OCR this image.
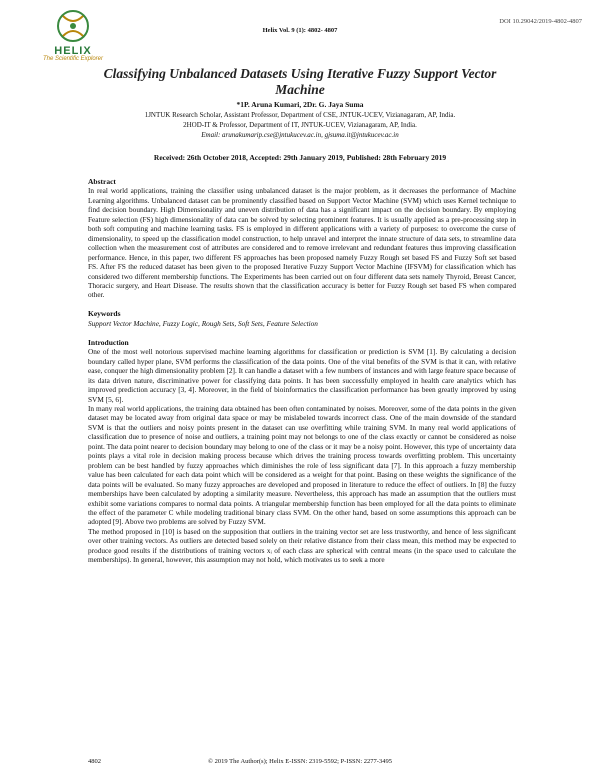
HELIX
The Scientific Explorer
DOI 10.29042/2019-4802-4807
Helix Vol. 9 (1): 4802- 4807
Classifying Unbalanced Datasets Using Iterative Fuzzy Support Vector Machine
*1P. Aruna Kumari, 2Dr. G. Jaya Suma
1JNTUK Research Scholar, Assistant Professor, Department of CSE, JNTUK-UCEV, Vizianagaram, AP, India.
2HOD-IT & Professor, Department of IT, JNTUK-UCEV, Vizianagaram, AP, India.
Email: arunakumarip.cse@jntukucev.ac.in, gjsuma.it@jntukucev.ac.in
Received: 26th October 2018, Accepted: 29th January 2019, Published: 28th February 2019
Abstract

In real world applications, training the classifier using unbalanced dataset is the major problem, as it decreases the performance of Machine Learning algorithms. Unbalanced dataset can be prominently classified based on Support Vector Machine (SVM) which uses Kernel technique to find decision boundary. High Dimensionality and uneven distribution of data has a significant impact on the decision boundary. By employing Feature selection (FS) high dimensionality of data can be solved by selecting prominent features. It is usually applied as a pre-processing step in both soft computing and machine learning tasks. FS is employed in different applications with a variety of purposes: to overcome the curse of dimensionality, to speed up the classification model construction, to help unravel and interpret the innate structure of data sets, to streamline data collection when the measurement cost of attributes are considered and to remove irrelevant and redundant features thus improving classification performance. Hence, in this paper, two different FS approaches has been proposed namely Fuzzy Rough set based FS and Fuzzy Soft set based FS. After FS the reduced dataset has been given to the proposed Iterative Fuzzy Support Vector Machine (IFSVM) for classification which has considered two different membership functions. The Experiments has been carried out on four different data sets namely Thyroid, Breast Cancer, Thoracic surgery, and Heart Disease. The results shown that the classification accuracy is better for Fuzzy Rough set based FS when compared other.

Keywords

Support Vector Machine, Fuzzy Logic, Rough Sets, Soft Sets, Feature Selection

Introduction

One of the most well notorious supervised machine learning algorithms for classification or prediction is SVM [1]. By calculating a decision boundary called hyper plane, SVM performs the classification of the data points. One of the vital benefits of the SVM is that it can, with relative ease, conquer the high dimensionality problem [2]. It can handle a dataset with a few numbers of instances and with large feature space because of its data driven nature, discriminative power for classifying data points. It has been successfully employed in health care analytics which has improved prediction accuracy [3, 4]. Moreover, in the field of bioinformatics the classification performance has been greatly improved by using SVM [5, 6].

In many real world applications, the training data obtained has been often contaminated by noises. Moreover, some of the data points in the given dataset may be located away from original data space or may be mislabeled towards incorrect class. One of the main downside of the standard SVM is that the outliers and noisy points present in the dataset can use overfitting while training SVM. In many real world applications of classification due to presence of noise and outliers, a training point may not belongs to one of the class exactly or cannot be considered as noise point. The data point nearer to decision boundary may belong to one of the class or it may be a noisy point. However, this type of uncertainty data points plays a vital role in decision making process because which drives the training process towards overfitting problem. This uncertainty problem can be best handled by fuzzy approaches which diminishes the role of less significant data [7]. In this approach a fuzzy membership value has been calculated for each data point which will be considered as a weight for that point. Basing on these weights the significance of the data points will be evaluated. So many fuzzy approaches are developed and proposed in literature to reduce the effect of outliers. In [8] the fuzzy memberships have been calculated by adopting a similarity measure. Nevertheless, this approach has made an assumption that the outliers must exhibit some variations compares to normal data points. A triangular membership function has been employed for all the data points to eliminate the effect of the parameter C while modeling traditional binary class SVM. On the other hand, based on some assumptions this approach can be adopted [9]. Above two problems are solved by Fuzzy SVM.

The method proposed in [10] is based on the supposition that outliers in the training vector set are less trustworthy, and hence of less significant over other training vectors. As outliers are detected based solely on their relative distance from their class mean, this method may be expected to produce good results if the distributions of training vectors xᵢ of each class are spherical with central means (in the space used to calculate the memberships). In general, however, this assumption may not hold, which motivates us to seek a more

4802	© 2019 The Author(s); Helix E-ISSN: 2319-5592; P-ISSN: 2277-3495
